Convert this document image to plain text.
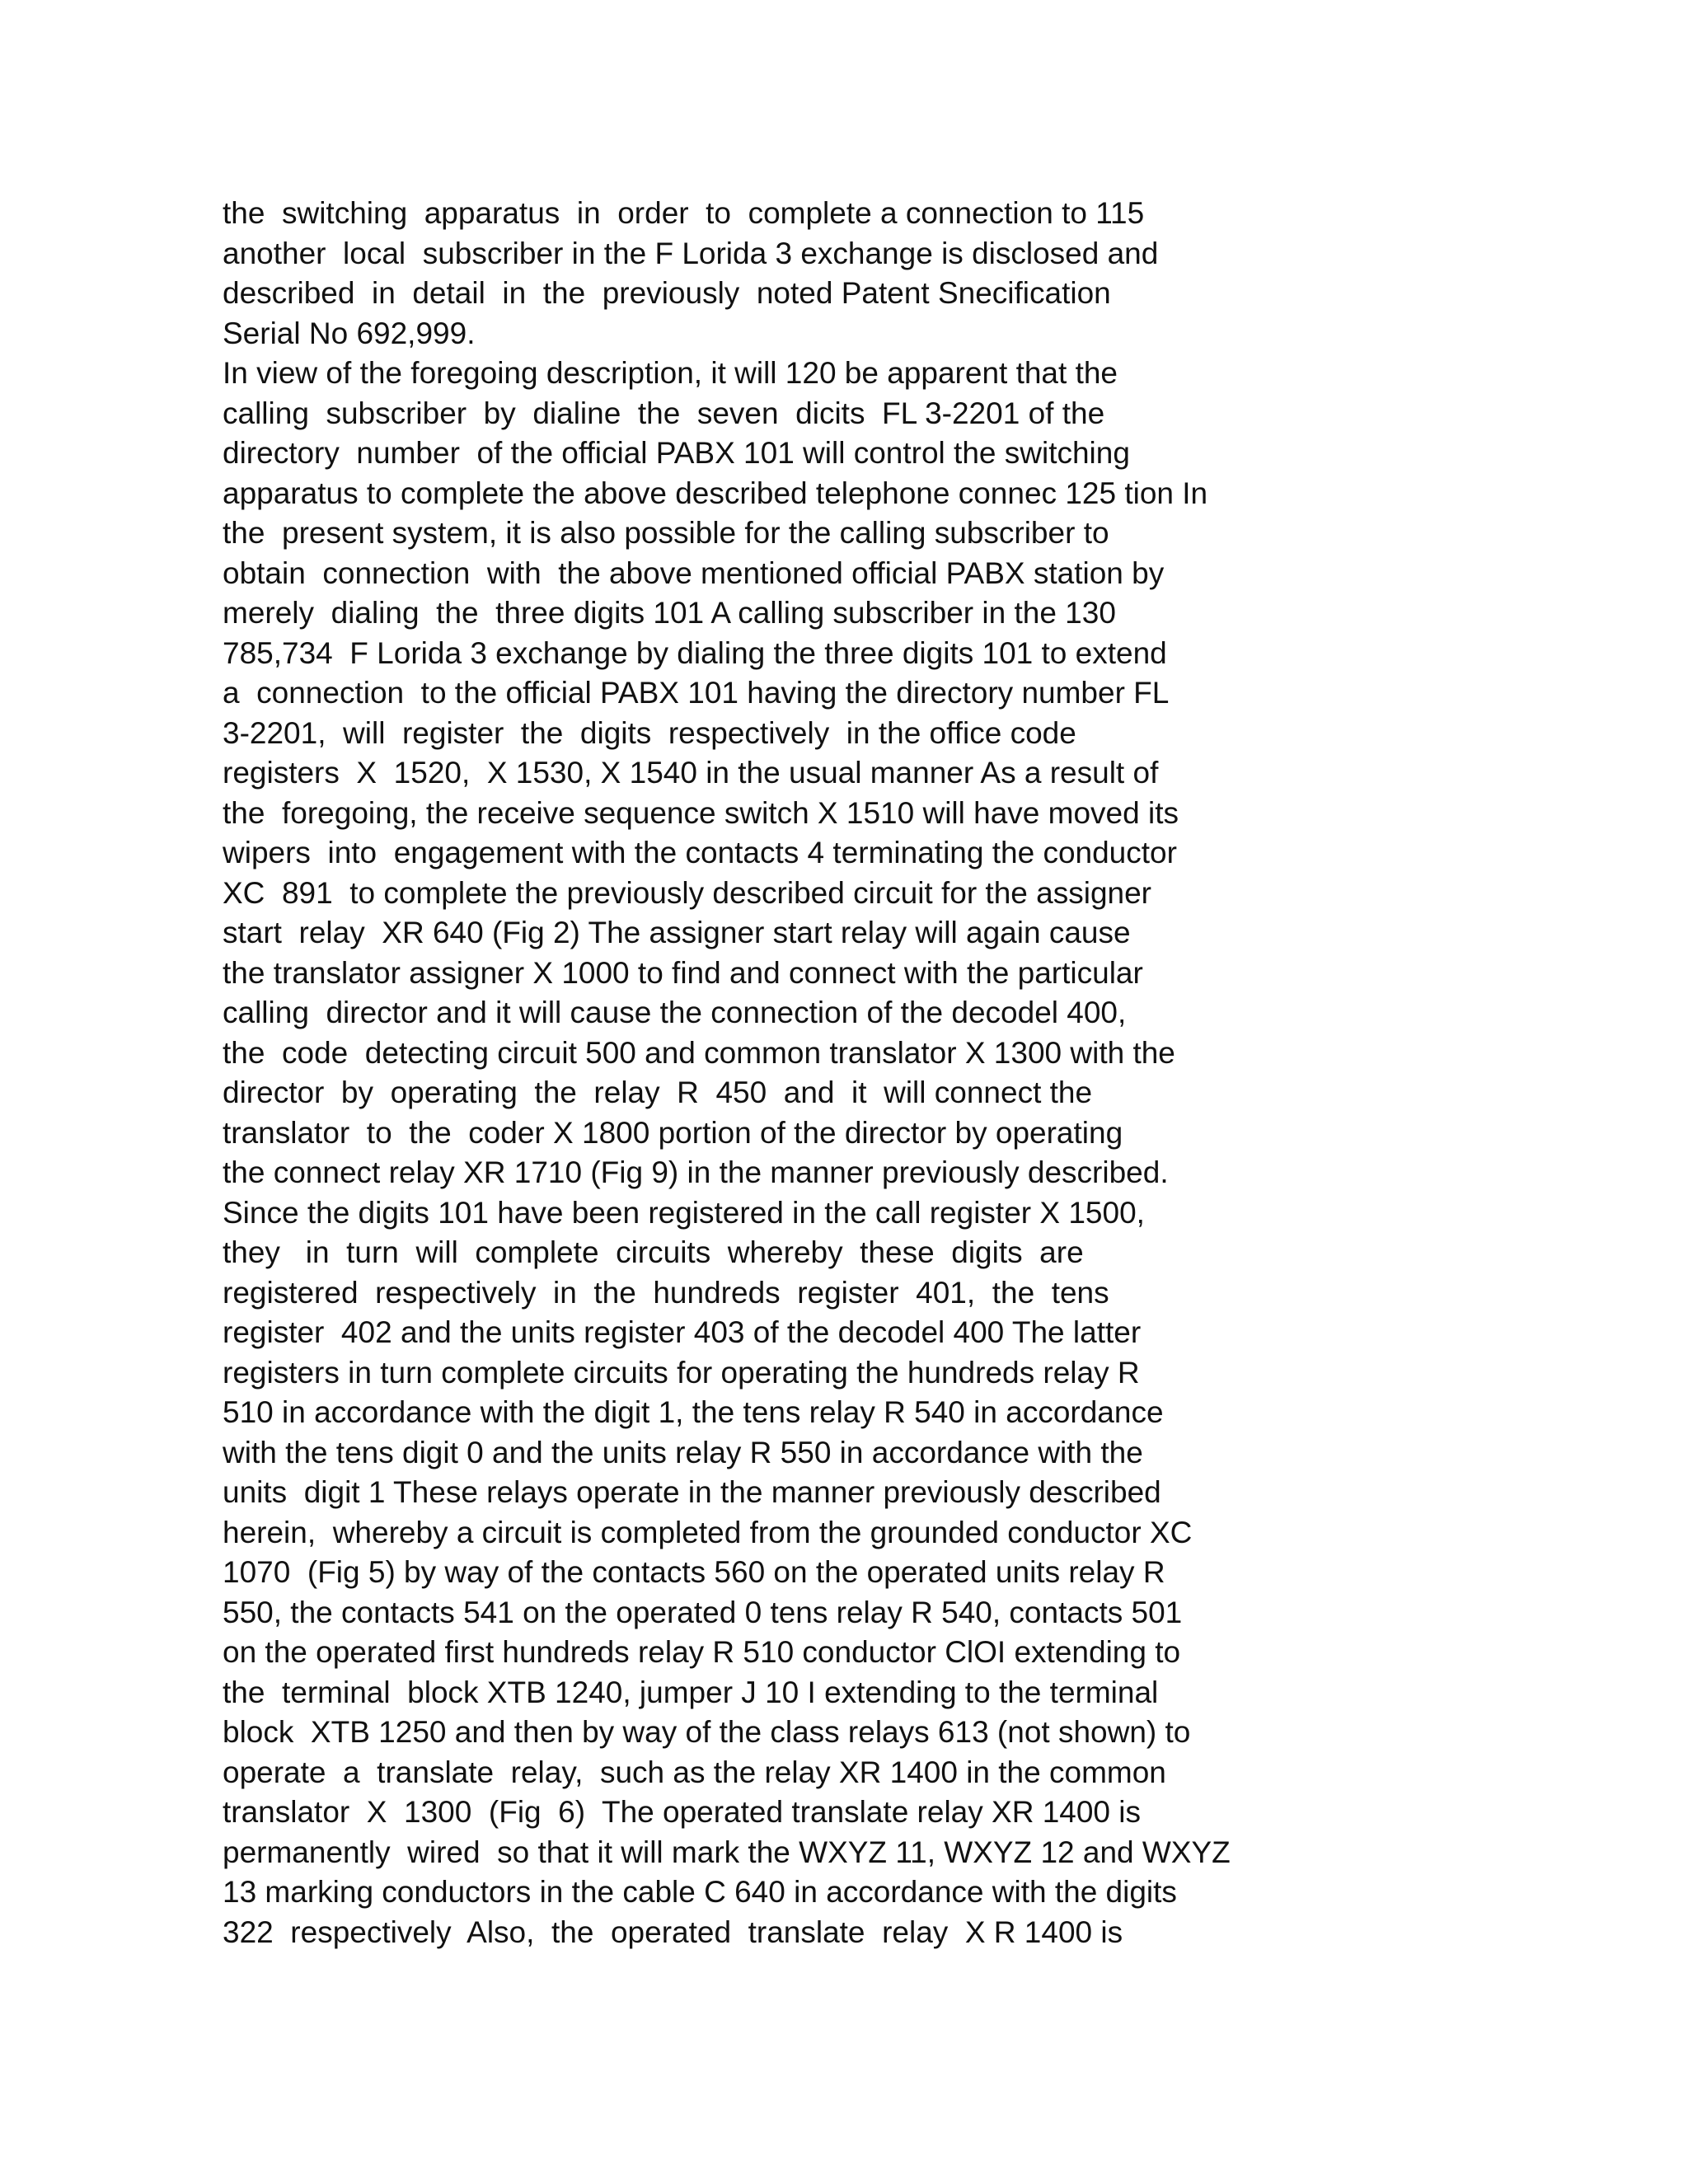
the  switching  apparatus  in  order  to  complete a connection to 115
another  local  subscriber in the F Lorida 3 exchange is disclosed and
described  in  detail  in  the  previously  noted Patent Snecification
Serial No 692,999.
In view of the foregoing description, it will 120 be apparent that the
calling  subscriber  by  dialine  the  seven  dicits  FL 3-2201 of the
directory  number  of the official PABX 101 will control the switching
apparatus to complete the above described telephone connec 125 tion In
the  present system, it is also possible for the calling subscriber to
obtain  connection  with  the above mentioned official PABX station by
merely  dialing  the  three digits 101 A calling subscriber in the 130
785,734  F Lorida 3 exchange by dialing the three digits 101 to extend
a  connection  to the official PABX 101 having the directory number FL
3-2201,  will  register  the  digits  respectively  in the office code
registers  X  1520,  X 1530, X 1540 in the usual manner As a result of
the  foregoing, the receive sequence switch X 1510 will have moved its
wipers  into  engagement with the contacts 4 terminating the conductor
XC  891  to complete the previously described circuit for the assigner
start  relay  XR 640 (Fig 2) The assigner start relay will again cause
the translator assigner X 1000 to find and connect with the particular
calling  director and it will cause the connection of the decodel 400,
the  code  detecting circuit 500 and common translator X 1300 with the
director  by  operating  the  relay  R  450  and  it  will connect the
translator  to  the  coder X 1800 portion of the director by operating
the connect relay XR 1710 (Fig 9) in the manner previously described.
Since the digits 101 have been registered in the call register X 1500,
they   in  turn  will  complete  circuits  whereby  these  digits  are
registered  respectively  in  the  hundreds  register  401,  the  tens
register  402 and the units register 403 of the decodel 400 The latter
registers in turn complete circuits for operating the hundreds relay R
510 in accordance with the digit 1, the tens relay R 540 in accordance
with the tens digit 0 and the units relay R 550 in accordance with the
units  digit 1 These relays operate in the manner previously described
herein,  whereby a circuit is completed from the grounded conductor XC
1070  (Fig 5) by way of the contacts 560 on the operated units relay R
550, the contacts 541 on the operated 0 tens relay R 540, contacts 501
on the operated first hundreds relay R 510 conductor ClOI extending to
the  terminal  block XTB 1240, jumper J 10 I extending to the terminal
block  XTB 1250 and then by way of the class relays 613 (not shown) to
operate  a  translate  relay,  such as the relay XR 1400 in the common
translator  X  1300  (Fig  6)  The operated translate relay XR 1400 is
permanently  wired  so that it will mark the WXYZ 11, WXYZ 12 and WXYZ
13 marking conductors in the cable C 640 in accordance with the digits
322  respectively  Also,  the  operated  translate  relay  X R 1400 is
